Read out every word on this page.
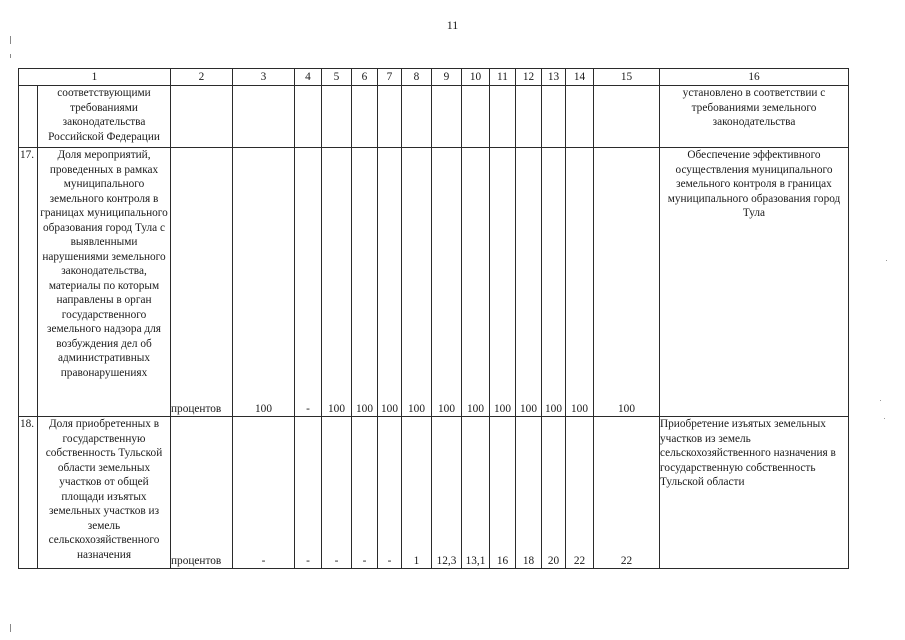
11
1	2	3	4	5	6	7	8	9	10	11	12	13	14	15	16

соответствующими требованиями законодательства Российской Федерации															установлено в соответствии с требованиями земельного законодательства

17. Доля мероприятий, проведенных в рамках муниципального земельного контроля в границах муниципального образования город Тула с выявленными нарушениями земельного законодательства, материалы по которым направлены в орган государственного земельного надзора для возбуждения дел об административных правонарушениях	процентов	100	-	100	100	100	100	100	100	100	100	100	100	100	Обеспечение эффективного осуществления муниципального земельного контроля в границах муниципального образования город Тула

18. Доля приобретенных в государственную собственность Тульской области земельных участков от общей площади изъятых земельных участков из земель сельскохозяйственного назначения	процентов	-	-	-	-	-	1	12,3	13,1	16	18	20	22	22	Приобретение изъятых земельных участков из земель сельскохозяйственного назначения в государственную собственность Тульской области
